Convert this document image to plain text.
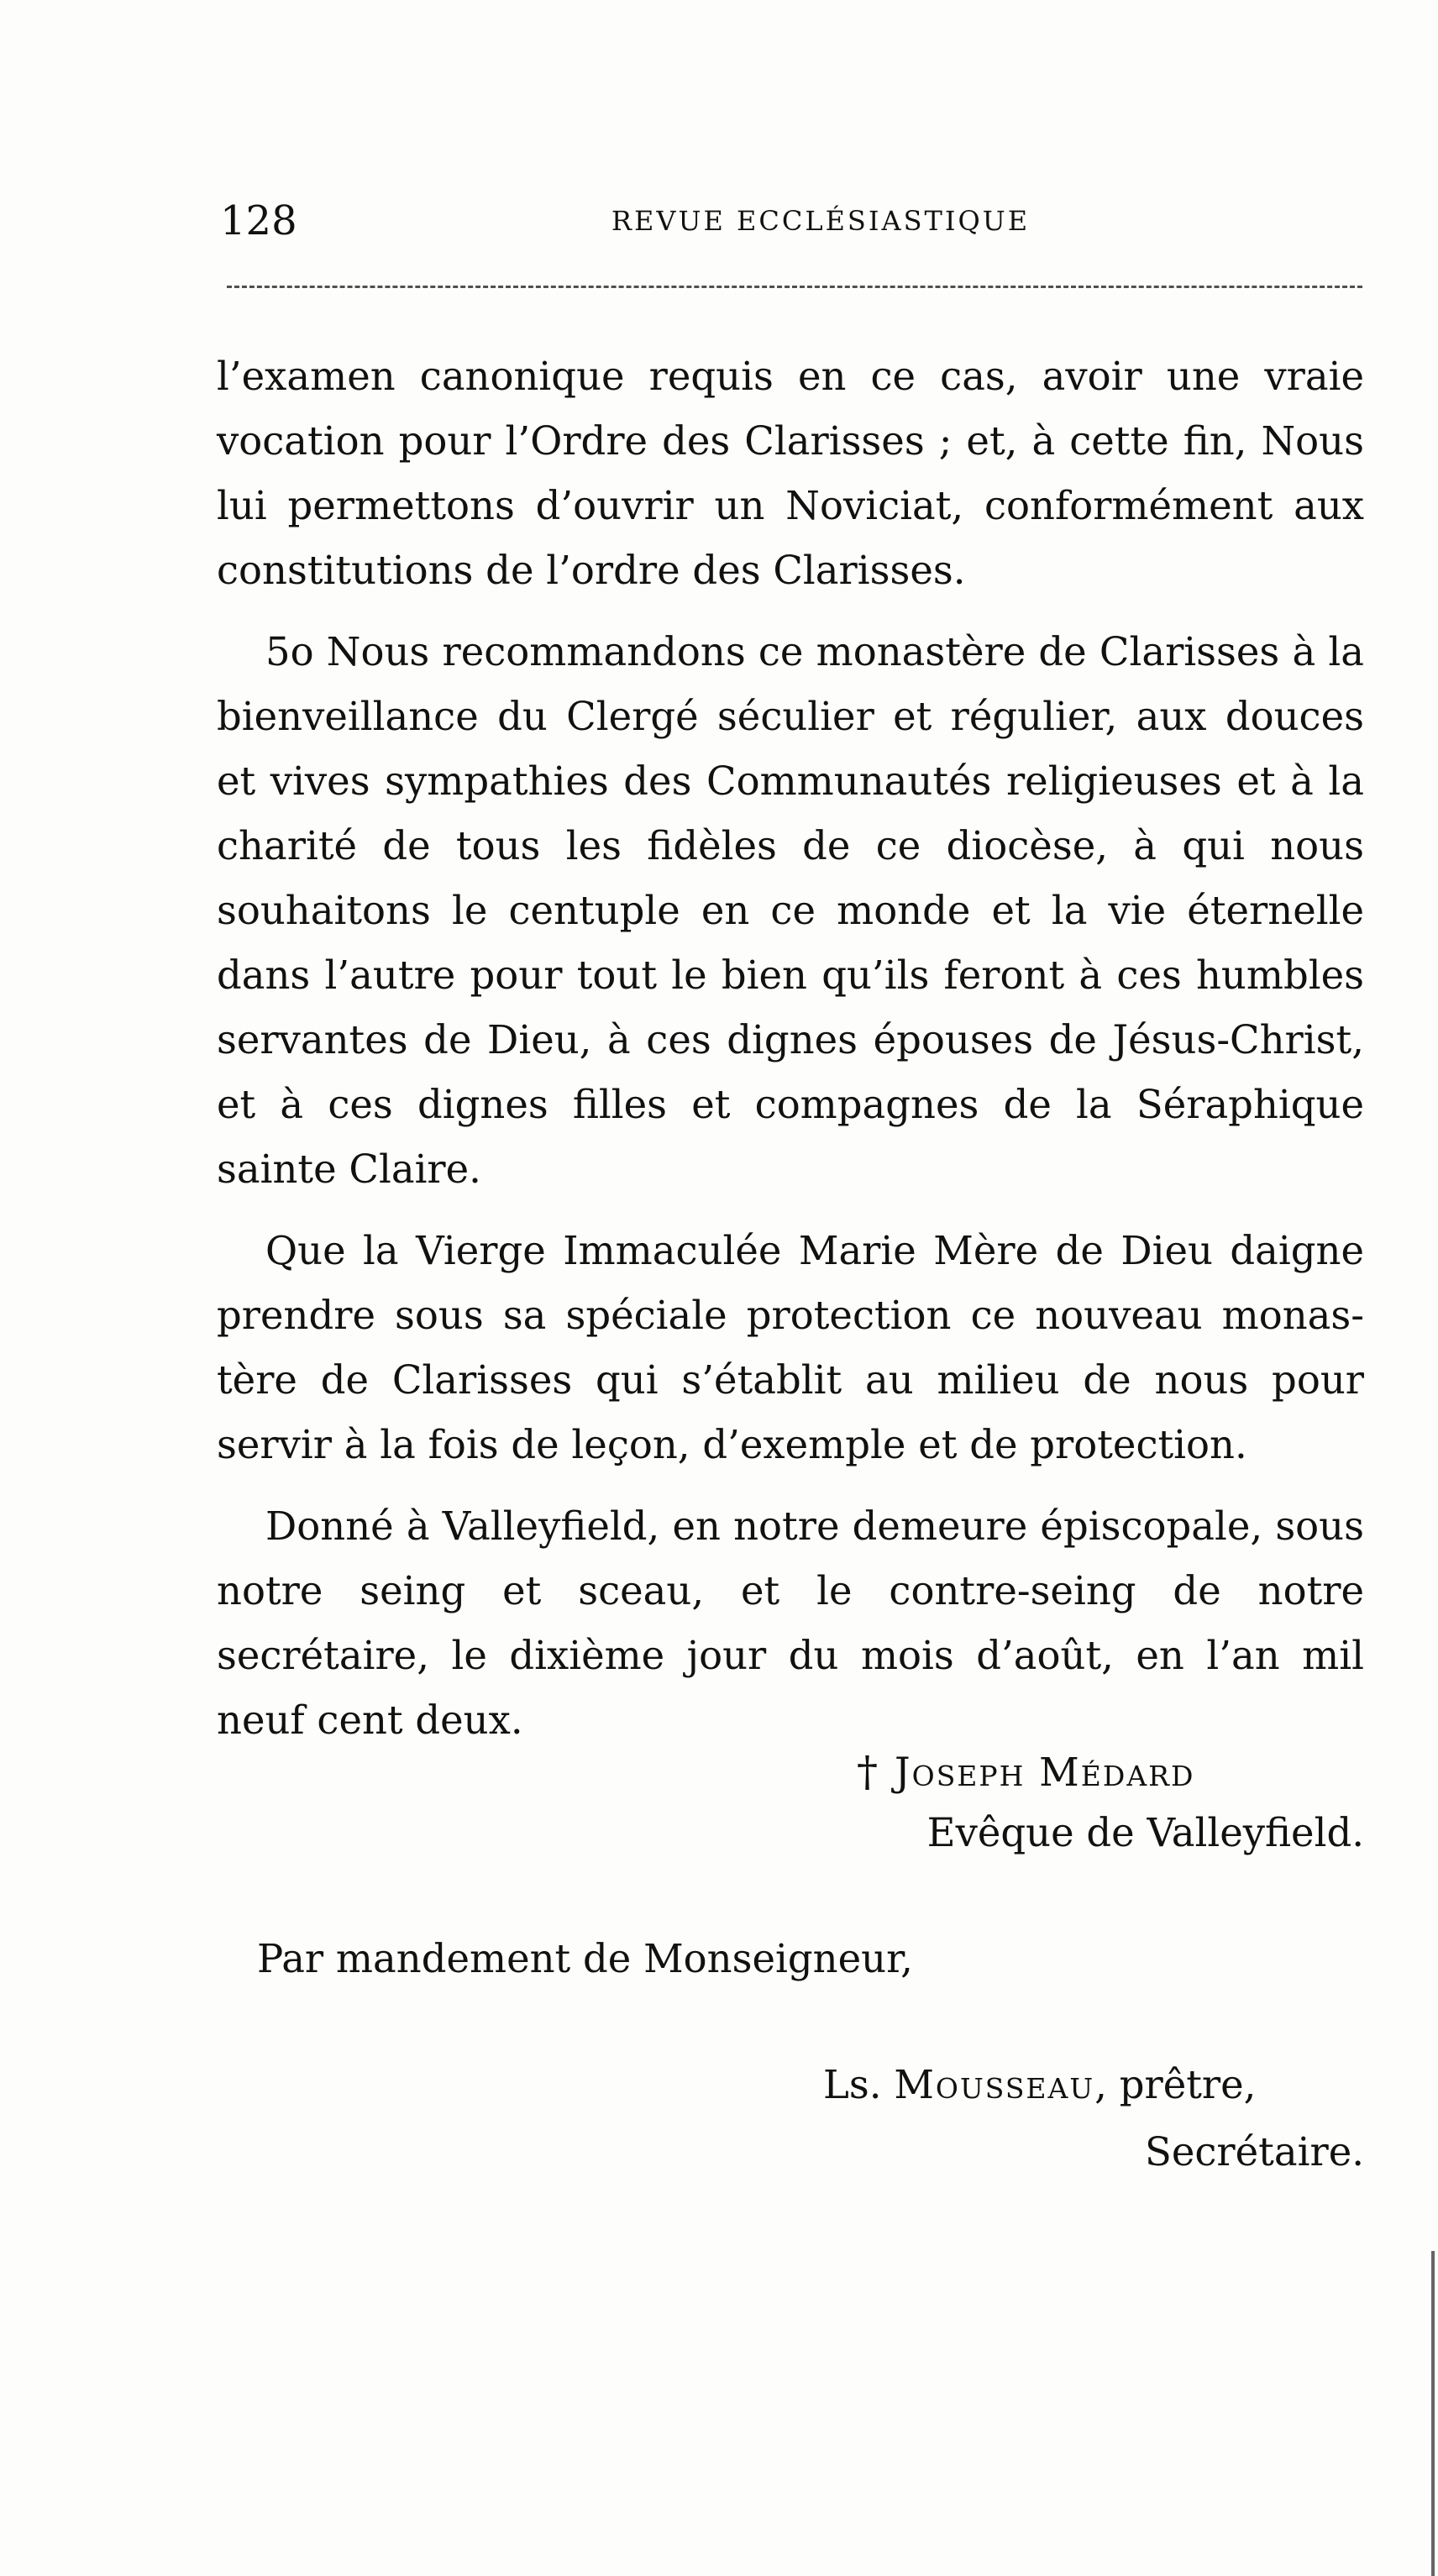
128	REVUE ECCLÉSIASTIQUE

l’examen canonique requis en ce cas, avoir une vraie vocation pour l’Ordre des Clarisses ; et, à cette fin, Nous lui permettons d’ouvrir un Noviciat, conformément aux constitutions de l’ordre des Clarisses.

5o Nous recommandons ce monastère de Clarisses à la bienveillance du Clergé séculier et régulier, aux douces et vives sympathies des Communautés religieuses et à la charité de tous les fidèles de ce diocèse, à qui nous souhaitons le centuple en ce monde et la vie éternelle dans l’autre pour tout le bien qu’ils feront à ces humbles servantes de Dieu, à ces dignes épouses de Jésus-Christ, et à ces dignes filles et compagnes de la Séraphique sainte Claire.

Que la Vierge Immaculée Marie Mère de Dieu daigne prendre sous sa spéciale protection ce nouveau monastère de Clarisses qui s’établit au milieu de nous pour servir à la fois de leçon, d’exemple et de protection.

Donné à Valleyfield, en notre demeure épiscopale, sous notre seing et sceau, et le contre-seing de notre secrétaire, le dixième jour du mois d’août, en l’an mil neuf cent deux.

† Joseph Médard
Evêque de Valleyfield.
Par mandement de Monseigneur,
Ls. Mousseau, prêtre,
Secrétaire.
